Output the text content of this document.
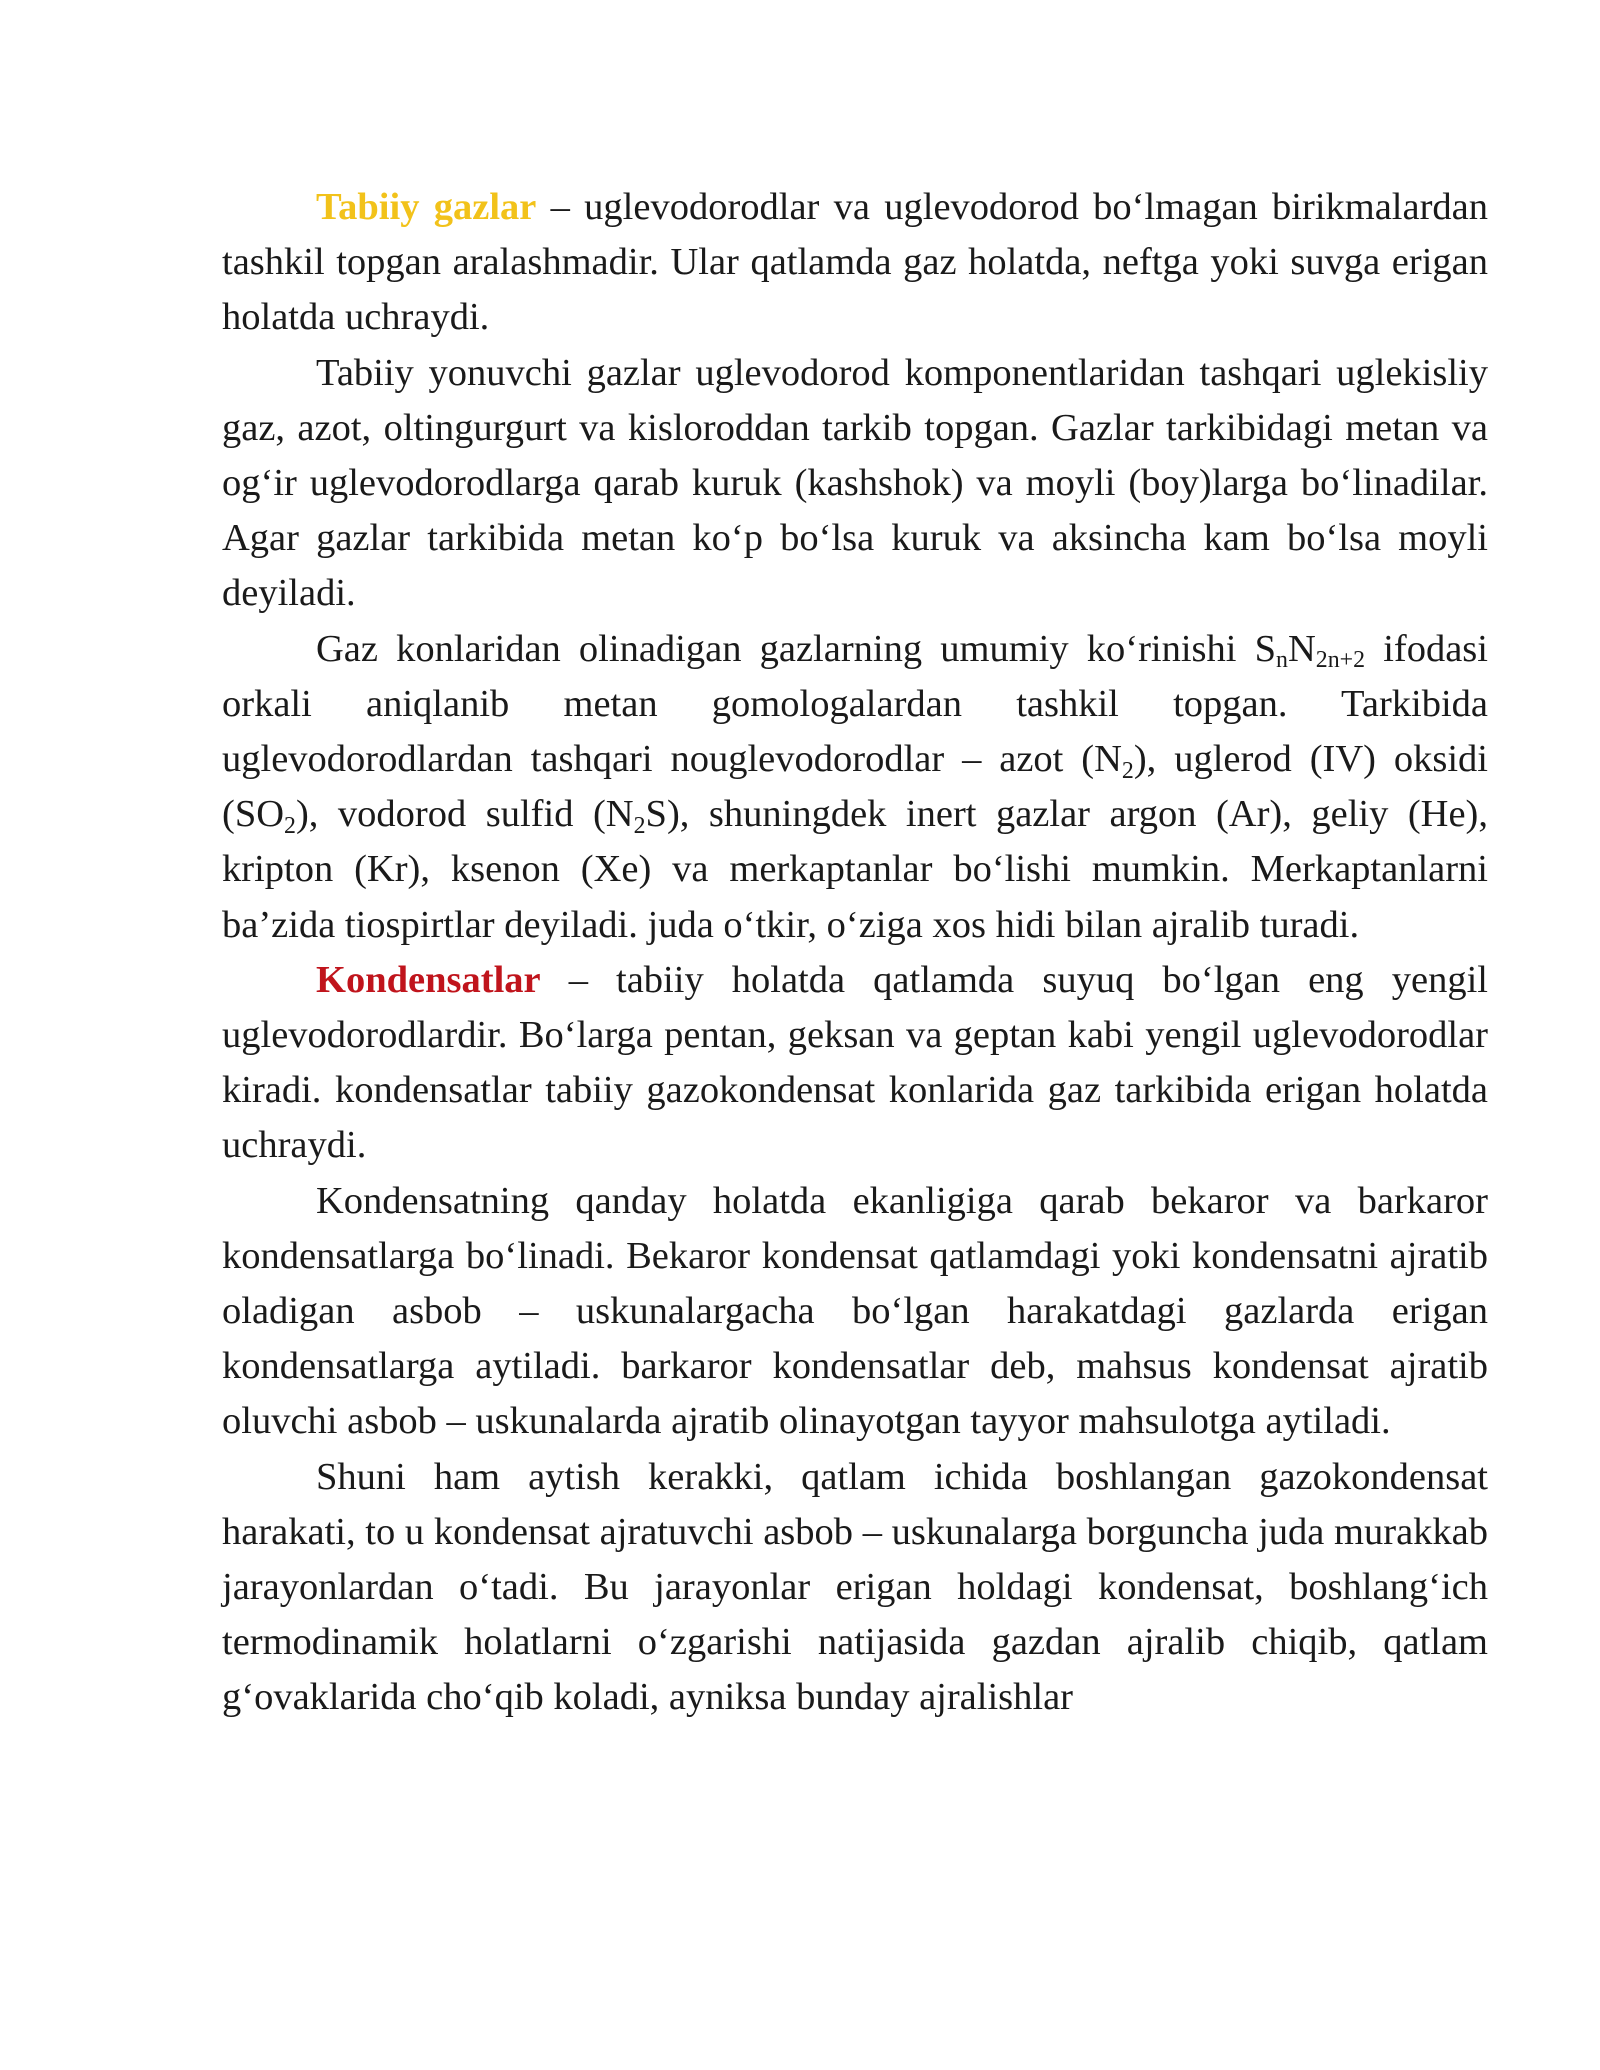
Tabiiy gazlar – uglevodorodlar va uglevodorod bo‘lmagan birikmalardan tashkil topgan aralashmadir. Ular qatlamda gaz holatda, neftga yoki suvga erigan holatda uchraydi.

Tabiiy yonuvchi gazlar uglevodorod komponentlaridan tashqari uglekisliy gaz, azot, oltingurgurt va kisloroddan tarkib topgan. Gazlar tarkibidagi metan va og‘ir uglevodorodlarga qarab kuruk (kashshok) va moyli (boy)larga bo‘linadilar. Agar gazlar tarkibida metan ko‘p bo‘lsa kuruk va aksincha kam bo‘lsa moyli deyiladi.

Gaz konlaridan olinadigan gazlarning umumiy ko‘rinishi $S_nN_{2n+2}$ ifodasi orkali aniqlanib metan gomologalardan tashkil topgan. Tarkibida uglevodorodlardan tashqari nouglevodorodlar – azot $(N_2)$, uglerod (IV) oksidi $(SO_2)$, vodorod sulfid $(N_2S)$, shuningdek inert gazlar argon (Ar), geliy (He), kripton (Kr), ksenon (Xe) va merkaptanlar bo‘lishi mumkin. Merkaptanlarni ba’zida tiospirtlar deyiladi. juda o‘tkir, o‘ziga xos hidi bilan ajralib turadi.

Kondensatlar – tabiiy holatda qatlamda suyuq bo‘lgan eng yengil uglevodorodlardir. Bo‘larga pentan, geksan va geptan kabi yengil uglevodorodlar kiradi. kondensatlar tabiiy gazokondensat konlarida gaz tarkibida erigan holatda uchraydi.

Kondensatning qanday holatda ekanligiga qarab bekaror va barkaror kondensatlarga bo‘linadi. Bekaror kondensat qatlamdagi yoki kondensatni ajratib oladigan asbob – uskunalargacha bo‘lgan harakatdagi gazlarda erigan kondensatlarga aytiladi. barkaror kondensatlar deb, mahsus kondensat ajratib oluvchi asbob – uskunalarda ajratib olinayotgan tayyor mahsulotga aytiladi.

Shuni ham aytish kerakki, qatlam ichida boshlangan gazokondensat harakati, to u kondensat ajratuvchi asbob – uskunalarga borguncha juda murakkab jarayonlardan o‘tadi. Bu jarayonlar erigan holdagi kondensat, boshlang‘ich termodinamik holatlarni o‘zgarishi natijasida gazdan ajralib chiqib, qatlam g‘ovaklarida cho‘qib koladi, ayniksa bunday ajralishlar
